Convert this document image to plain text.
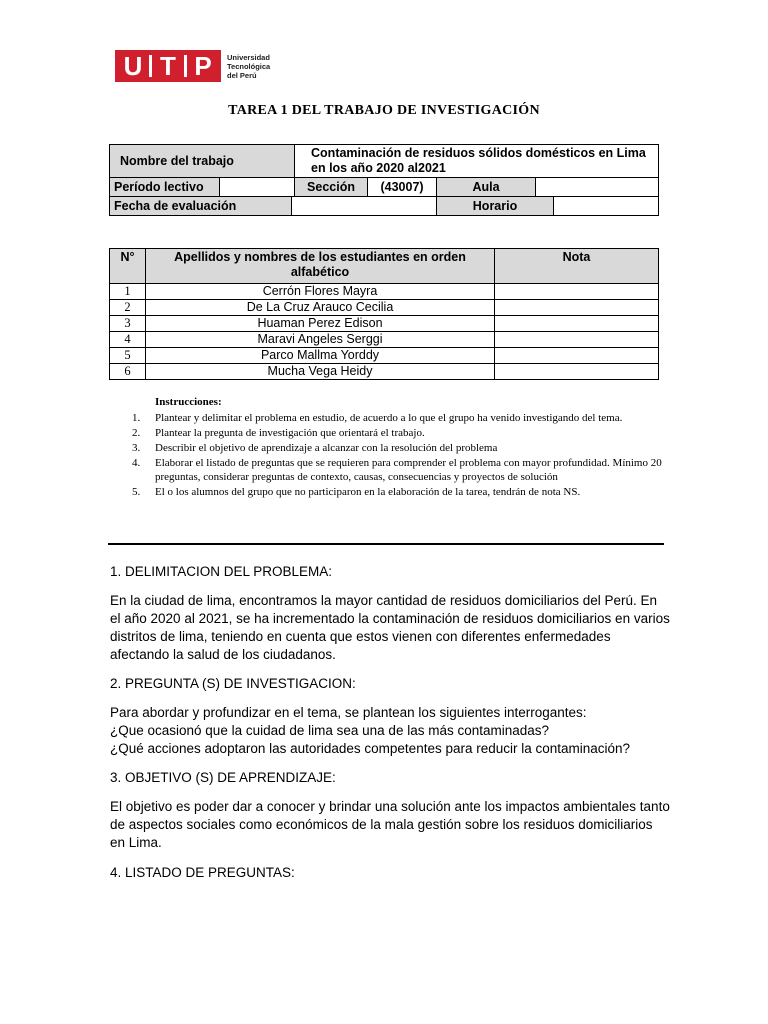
U T P	Universidad
Tecnológica
del Perú
TAREA 1 DEL TRABAJO DE INVESTIGACIÓN
Nombre del trabajo			Contaminación de residuos sólidos domésticos en Lima en los año 2020 al2021				
Período lectivo			Sección	(43007)	Aula		
Fecha de evaluación					Horario		
N°	Apellidos y nombres de los estudiantes en orden alfabético	Nota
1	Cerrón Flores Mayra	
2	De La Cruz Arauco Cecilia	
3	Huaman Perez Edison	
4	Maravi Angeles Serggi	
5	Parco Mallma Yorddy	
6	Mucha Vega Heidy	
Instrucciones:
1.	Plantear y delimitar el problema en estudio, de acuerdo a lo que el grupo ha venido investigando del tema.
2.	Plantear la pregunta de investigación que orientará el trabajo.
3.	Describir el objetivo de aprendizaje a alcanzar con la resolución del problema
4.	Elaborar el listado de preguntas que se requieren para comprender el problema con mayor profundidad. Mínimo 20 preguntas, considerar preguntas de contexto, causas, consecuencias y proyectos de solución
5.	El o los alumnos del grupo que no participaron en la elaboración de la tarea, tendrán de nota NS.
1. DELIMITACION DEL PROBLEMA:
En la ciudad de lima, encontramos la mayor cantidad de residuos domiciliarios del Perú. En el año 2020 al 2021, se ha incrementado la contaminación de residuos domiciliarios en varios distritos de lima, teniendo en cuenta que estos vienen con diferentes enfermedades afectando la salud de los ciudadanos.
2. PREGUNTA (S) DE INVESTIGACION:
Para abordar y profundizar en el tema, se plantean los siguientes interrogantes:
¿Que ocasionó que la cuidad de lima sea una de las más contaminadas?
¿Qué acciones adoptaron las autoridades competentes para reducir la contaminación?
3. OBJETIVO (S) DE APRENDIZAJE:
El objetivo es poder dar a conocer y brindar una solución ante los impactos ambientales tanto de aspectos sociales como económicos de la mala gestión sobre los residuos domiciliarios en Lima.
4. LISTADO DE PREGUNTAS:
